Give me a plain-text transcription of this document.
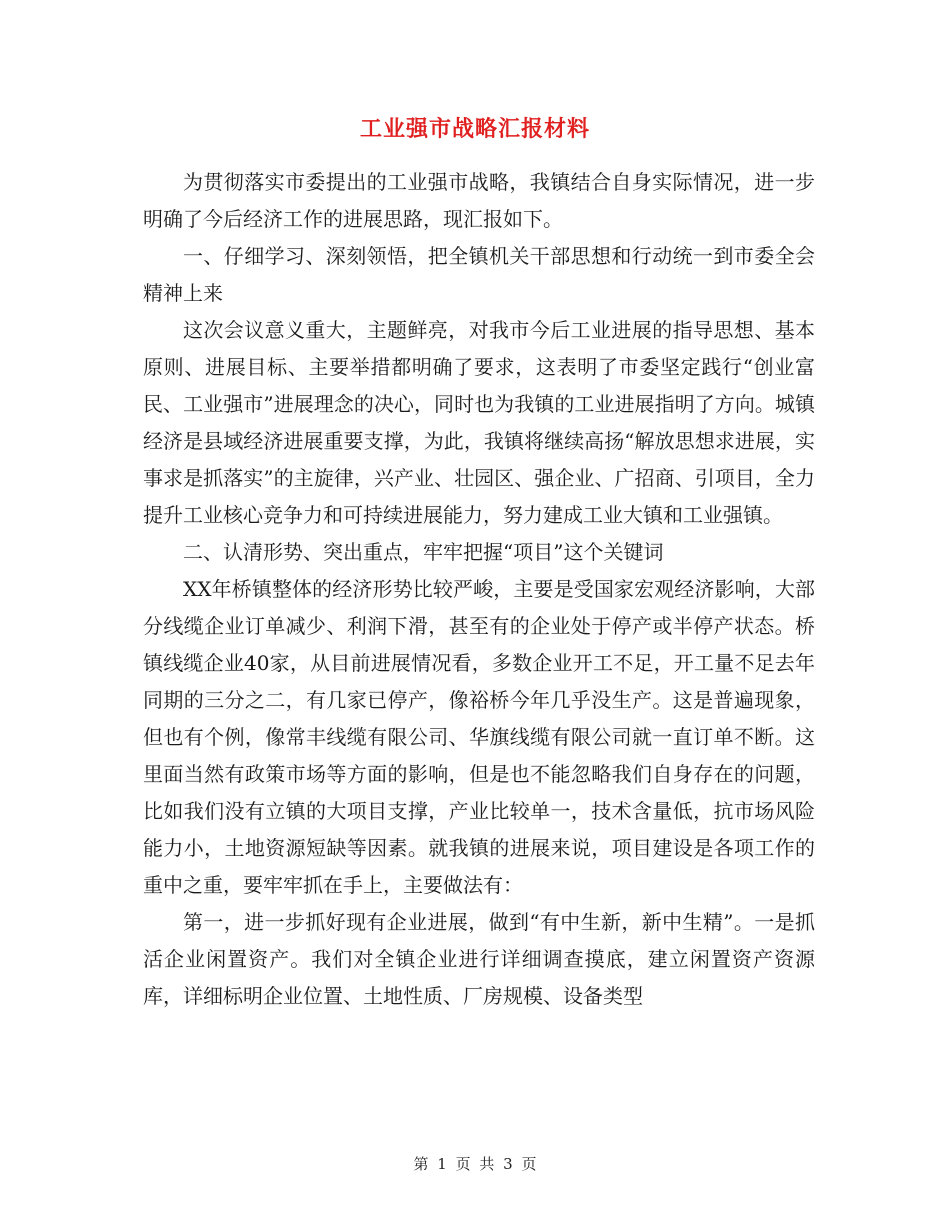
工业强市战略汇报材料

为贯彻落实市委提出的工业强市战略，我镇结合自身实际情况，进一步明确了今后经济工作的进展思路，现汇报如下。

一、仔细学习、深刻领悟，把全镇机关干部思想和行动统一到市委全会精神上来

这次会议意义重大，主题鲜亮，对我市今后工业进展的指导思想、基本原则、进展目标、主要举措都明确了要求，这表明了市委坚定践行“创业富民、工业强市”进展理念的决心，同时也为我镇的工业进展指明了方向。城镇经济是县域经济进展重要支撑，为此，我镇将继续高扬“解放思想求进展，实事求是抓落实”的主旋律，兴产业、壮园区、强企业、广招商、引项目，全力提升工业核心竞争力和可持续进展能力，努力建成工业大镇和工业强镇。

二、认清形势、突出重点，牢牢把握“项目”这个关键词

XX年桥镇整体的经济形势比较严峻，主要是受国家宏观经济影响，大部分线缆企业订单减少、利润下滑，甚至有的企业处于停产或半停产状态。桥镇线缆企业40家，从目前进展情况看，多数企业开工不足，开工量不足去年同期的三分之二，有几家已停产，像裕桥今年几乎没生产。这是普遍现象，但也有个例，像常丰线缆有限公司、华旗线缆有限公司就一直订单不断。这里面当然有政策市场等方面的影响，但是也不能忽略我们自身存在的问题，比如我们没有立镇的大项目支撑，产业比较单一，技术含量低，抗市场风险能力小，土地资源短缺等因素。就我镇的进展来说，项目建设是各项工作的重中之重，要牢牢抓在手上，主要做法有：

第一，进一步抓好现有企业进展，做到“有中生新，新中生精”。一是抓活企业闲置资产。我们对全镇企业进行详细调查摸底，建立闲置资产资源库，详细标明企业位置、土地性质、厂房规模、设备类型

第 1 页 共 3 页
